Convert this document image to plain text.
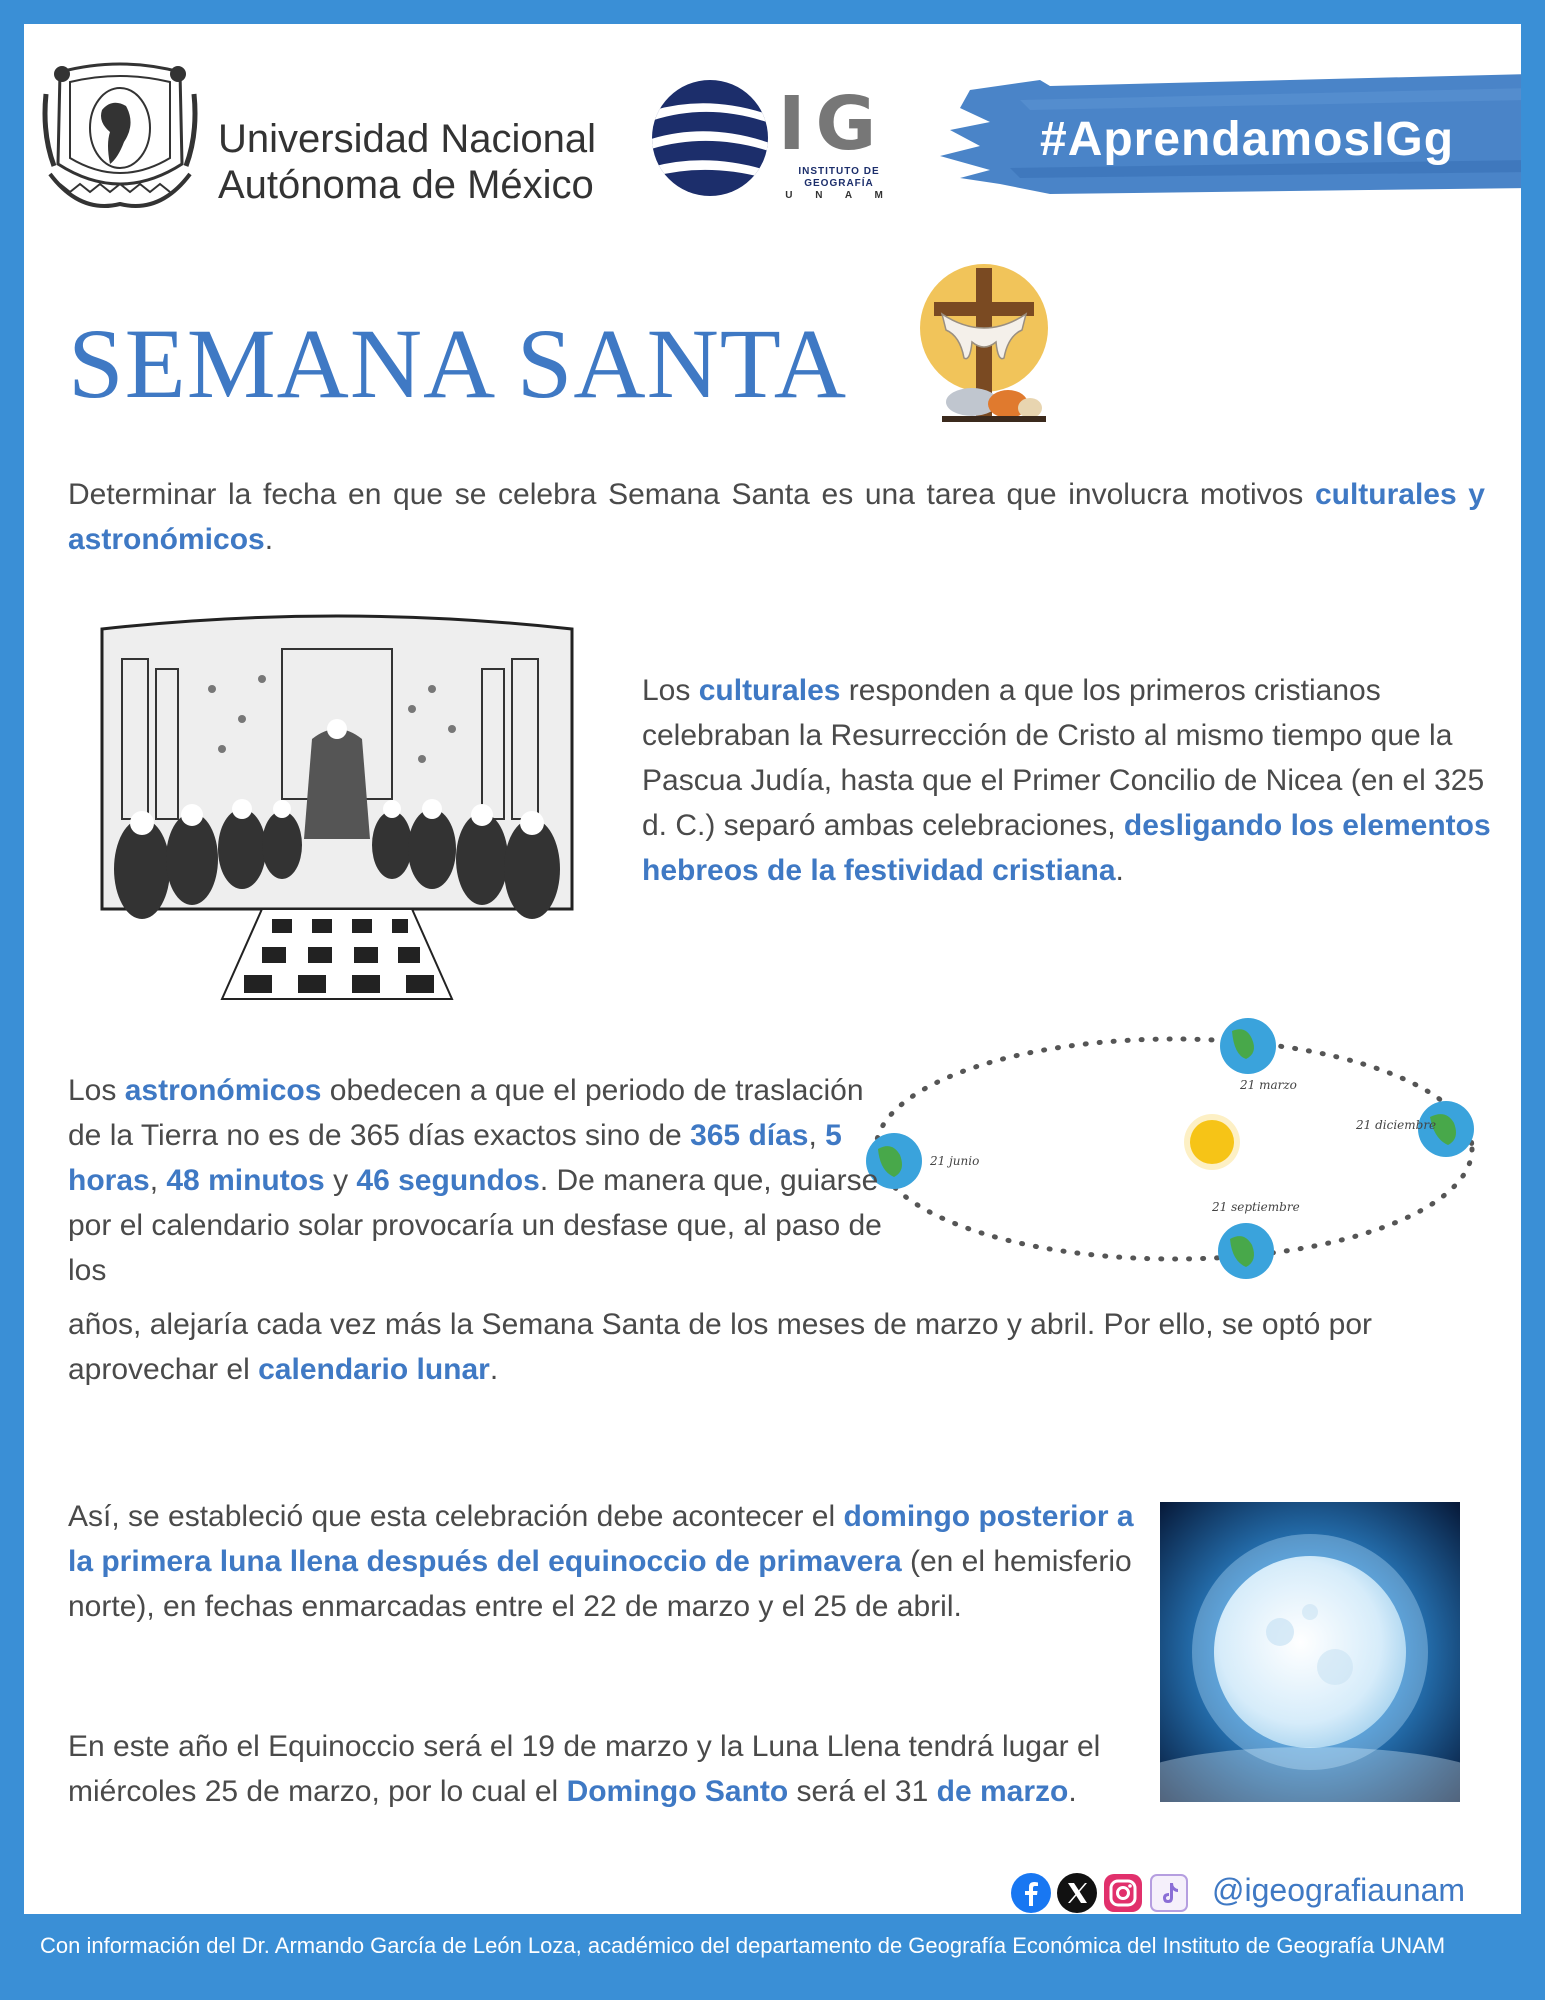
Universidad Nacional
Autónoma de México
IG
INSTITUTO DE
GEOGRAFÍA
U N A M
#AprendamosIGg
SEMANA SANTA
Determinar la fecha en que se celebra Semana Santa es una tarea que involucra motivos culturales y astronómicos.
Los culturales responden a que los primeros cristianos celebraban la Resurrección de Cristo al mismo tiempo que la Pascua Judía, hasta que el Primer Concilio de Nicea (en el 325 d. C.) separó ambas celebraciones, desligando los elementos hebreos de la festividad cristiana.
21 marzo
21 diciembre
21 junio
21 septiembre
Los astronómicos obedecen a que el periodo de traslación de la Tierra no es de 365 días exactos sino de 365 días, 5 horas, 48 minutos y 46 segundos. De manera que, guiarse por el calendario solar provocaría un desfase que, al paso de los
años, alejaría cada vez más la Semana Santa de los meses de marzo y abril. Por ello, se optó por aprovechar el calendario lunar.
Así, se estableció que esta celebración debe acontecer el domingo posterior a la primera luna llena después del equinoccio de primavera (en el hemisferio norte), en fechas enmarcadas entre el 22 de marzo y el 25 de abril.
En este año el Equinoccio será el 19 de marzo y la Luna Llena tendrá lugar el miércoles 25 de marzo, por lo cual el Domingo Santo será el 31 de marzo.
@igeografiaunam
Con información del Dr. Armando García de León Loza, académico del departamento de Geografía Económica del Instituto de Geografía UNAM
